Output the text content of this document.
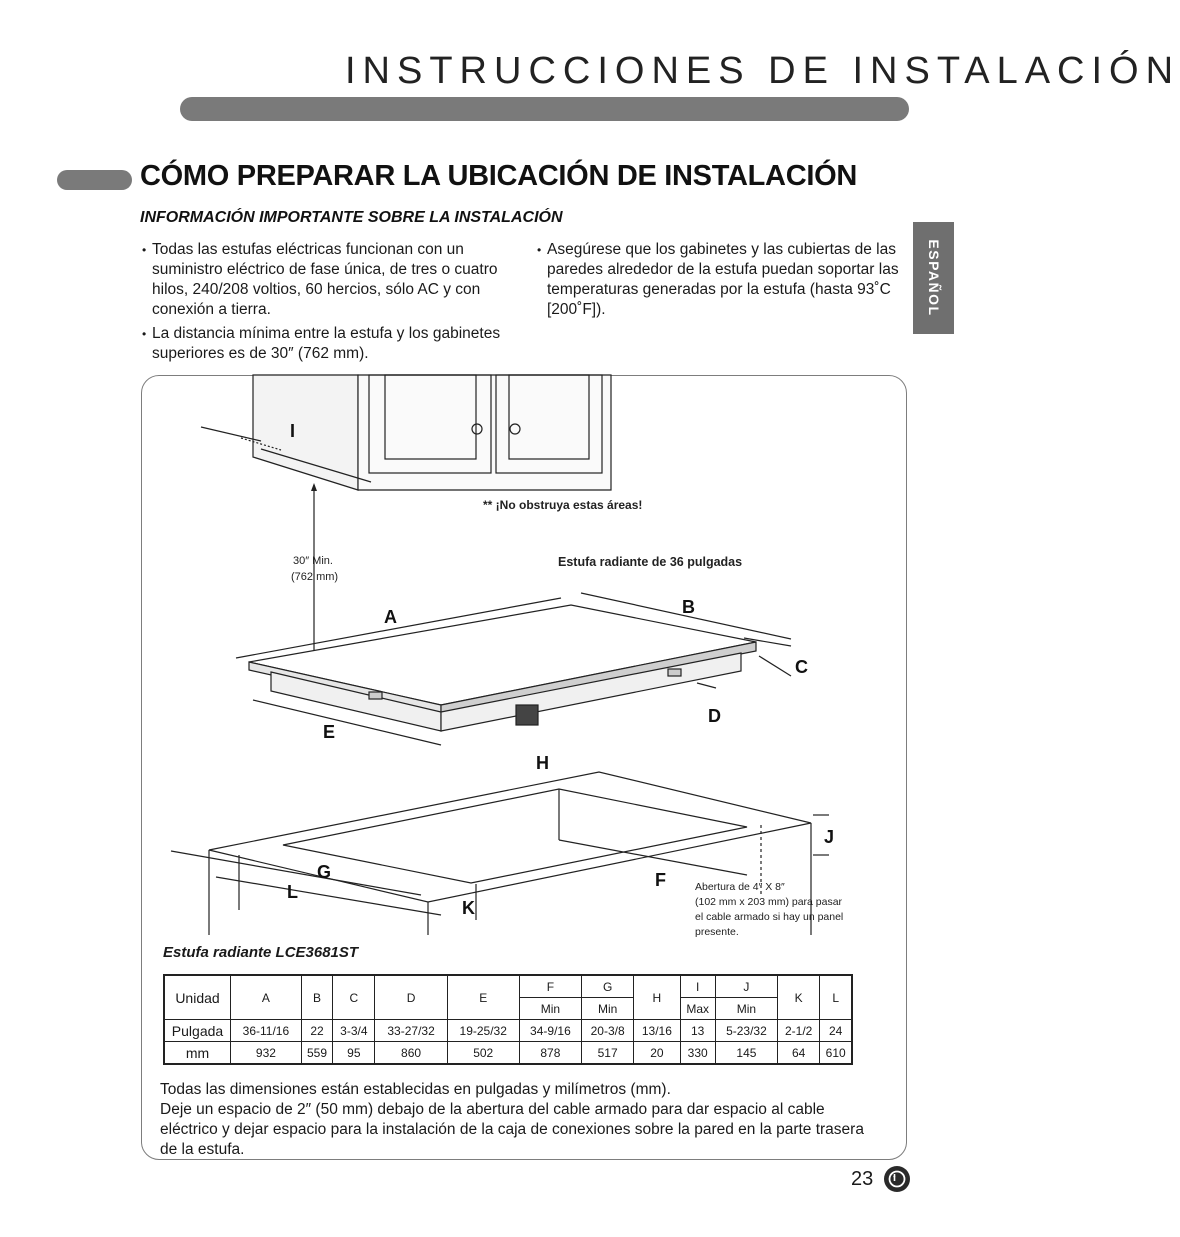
INSTRUCCIONES DE INSTALACIÓN
CÓMO PREPARAR LA UBICACIÓN DE INSTALACIÓN
INFORMACIÓN IMPORTANTE SOBRE LA INSTALACIÓN
• Todas las estufas eléctricas funcionan con un suministro eléctrico de fase única, de tres o cuatro hilos, 240/208 voltios, 60 hercios, sólo AC y con conexión a tierra.
• La distancia mínima entre la estufa y los gabinetes superiores es de 30″ (762 mm).
• Asegúrese que los gabinetes y las cubiertas de las paredes alrededor de la estufa puedan soportar las temperaturas generadas por la estufa (hasta 93˚C [200˚F]).	ESPAÑOL
30″ Min.
(762 mm)
** ¡No obstruya estas áreas!
Estufa radiante de 36 pulgadas
A	B
C
D
E
F
G
H
I
J
K
L	Abertura de 4″ X 8″
(102 mm x 203 mm) para pasar
el cable armado si hay un panel
presente.
Estufa radiante LCE3681ST
Unidad	A	B	C	D	E	F	G	H	I	J	K	L
						Min	Min		Max	Min		
Pulgada	36-11/16	22	3-3/4	33-27/32	19-25/32	34-9/16	20-3/8	13/16	13	5-23/32	2-1/2	24
mm	932	559	95	860	502	878	517	20	330	145	64	610

Todas las dimensiones están establecidas en pulgadas y milímetros (mm).

Deje un espacio de 2″ (50 mm) debajo de la abertura del cable armado para dar espacio al cable eléctrico y dejar espacio para la instalación de la caja de conexiones sobre la pared en la parte trasera de la estufa.

23
